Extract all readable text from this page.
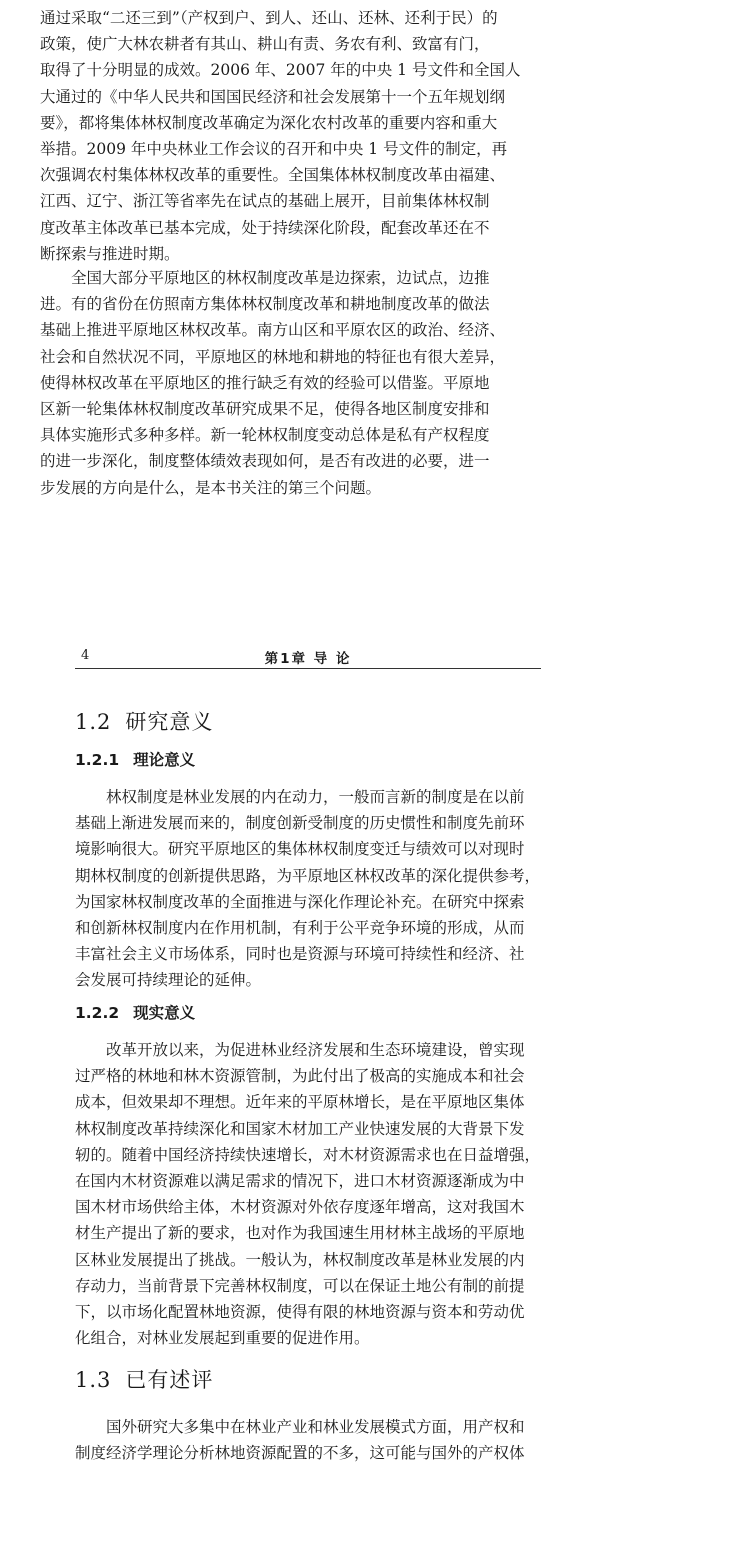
通过采取“二还三到”（产权到户、到人、还山、还林、还利于民）的
政策，使广大林农耕者有其山、耕山有责、务农有利、致富有门，
取得了十分明显的成效。2006 年、2007 年的中央 1 号文件和全国人
大通过的《中华人民共和国国民经济和社会发展第十一个五年规划纲
要》，都将集体林权制度改革确定为深化农村改革的重要内容和重大
举措。2009 年中央林业工作会议的召开和中央 1 号文件的制定，再
次强调农村集体林权改革的重要性。全国集体林权制度改革由福建、
江西、辽宁、浙江等省率先在试点的基础上展开，目前集体林权制
度改革主体改革已基本完成，处于持续深化阶段，配套改革还在不
断探索与推进时期。
全国大部分平原地区的林权制度改革是边探索，边试点，边推
进。有的省份在仿照南方集体林权制度改革和耕地制度改革的做法
基础上推进平原地区林权改革。南方山区和平原农区的政治、经济、
社会和自然状况不同，平原地区的林地和耕地的特征也有很大差异，
使得林权改革在平原地区的推行缺乏有效的经验可以借鉴。平原地
区新一轮集体林权制度改革研究成果不足，使得各地区制度安排和
具体实施形式多种多样。新一轮林权制度变动总体是私有产权程度
的进一步深化，制度整体绩效表现如何，是否有改进的必要，进一
步发展的方向是什么，是本书关注的第三个问题。
4	第1章 导 论
1.2 研究意义
1.2.1 理论意义
林权制度是林业发展的内在动力，一般而言新的制度是在以前
基础上渐进发展而来的，制度创新受制度的历史惯性和制度先前环
境影响很大。研究平原地区的集体林权制度变迁与绩效可以对现时
期林权制度的创新提供思路，为平原地区林权改革的深化提供参考，
为国家林权制度改革的全面推进与深化作理论补充。在研究中探索
和创新林权制度内在作用机制，有利于公平竞争环境的形成，从而
丰富社会主义市场体系，同时也是资源与环境可持续性和经济、社
会发展可持续理论的延伸。
1.2.2 现实意义
改革开放以来，为促进林业经济发展和生态环境建设，曾实现
过严格的林地和林木资源管制，为此付出了极高的实施成本和社会
成本，但效果却不理想。近年来的平原林增长，是在平原地区集体
林权制度改革持续深化和国家木材加工产业快速发展的大背景下发
轫的。随着中国经济持续快速增长，对木材资源需求也在日益增强，
在国内木材资源难以满足需求的情况下，进口木材资源逐渐成为中
国木材市场供给主体，木材资源对外依存度逐年增高，这对我国木
材生产提出了新的要求，也对作为我国速生用材林主战场的平原地
区林业发展提出了挑战。一般认为，林权制度改革是林业发展的内
存动力，当前背景下完善林权制度，可以在保证土地公有制的前提
下，以市场化配置林地资源，使得有限的林地资源与资本和劳动优
化组合，对林业发展起到重要的促进作用。
1.3 已有述评
国外研究大多集中在林业产业和林业发展模式方面，用产权和
制度经济学理论分析林地资源配置的不多，这可能与国外的产权体
